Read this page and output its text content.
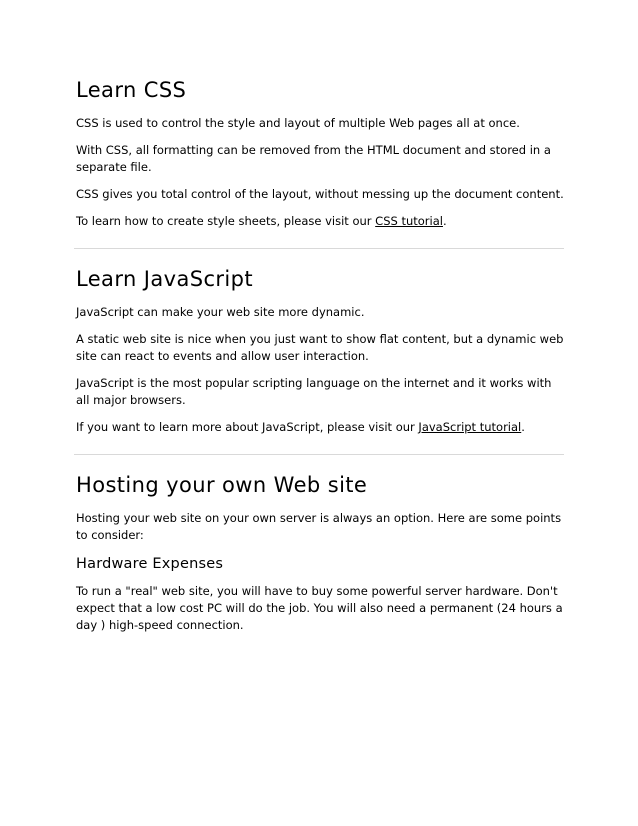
Learn CSS

CSS is used to control the style and layout of multiple Web pages all at once.

With CSS, all formatting can be removed from the HTML document and stored in a separate file.

CSS gives you total control of the layout, without messing up the document content.

To learn how to create style sheets, please visit our CSS tutorial.

Learn JavaScript

JavaScript can make your web site more dynamic.

A static web site is nice when you just want to show flat content, but a dynamic web site can react to events and allow user interaction.

JavaScript is the most popular scripting language on the internet and it works with all major browsers.

If you want to learn more about JavaScript, please visit our JavaScript tutorial.

Hosting your own Web site

Hosting your web site on your own server is always an option. Here are some points to consider:

Hardware Expenses

To run a "real" web site, you will have to buy some powerful server hardware. Don't expect that a low cost PC will do the job. You will also need a permanent (24 hours a day ) high-speed connection.
